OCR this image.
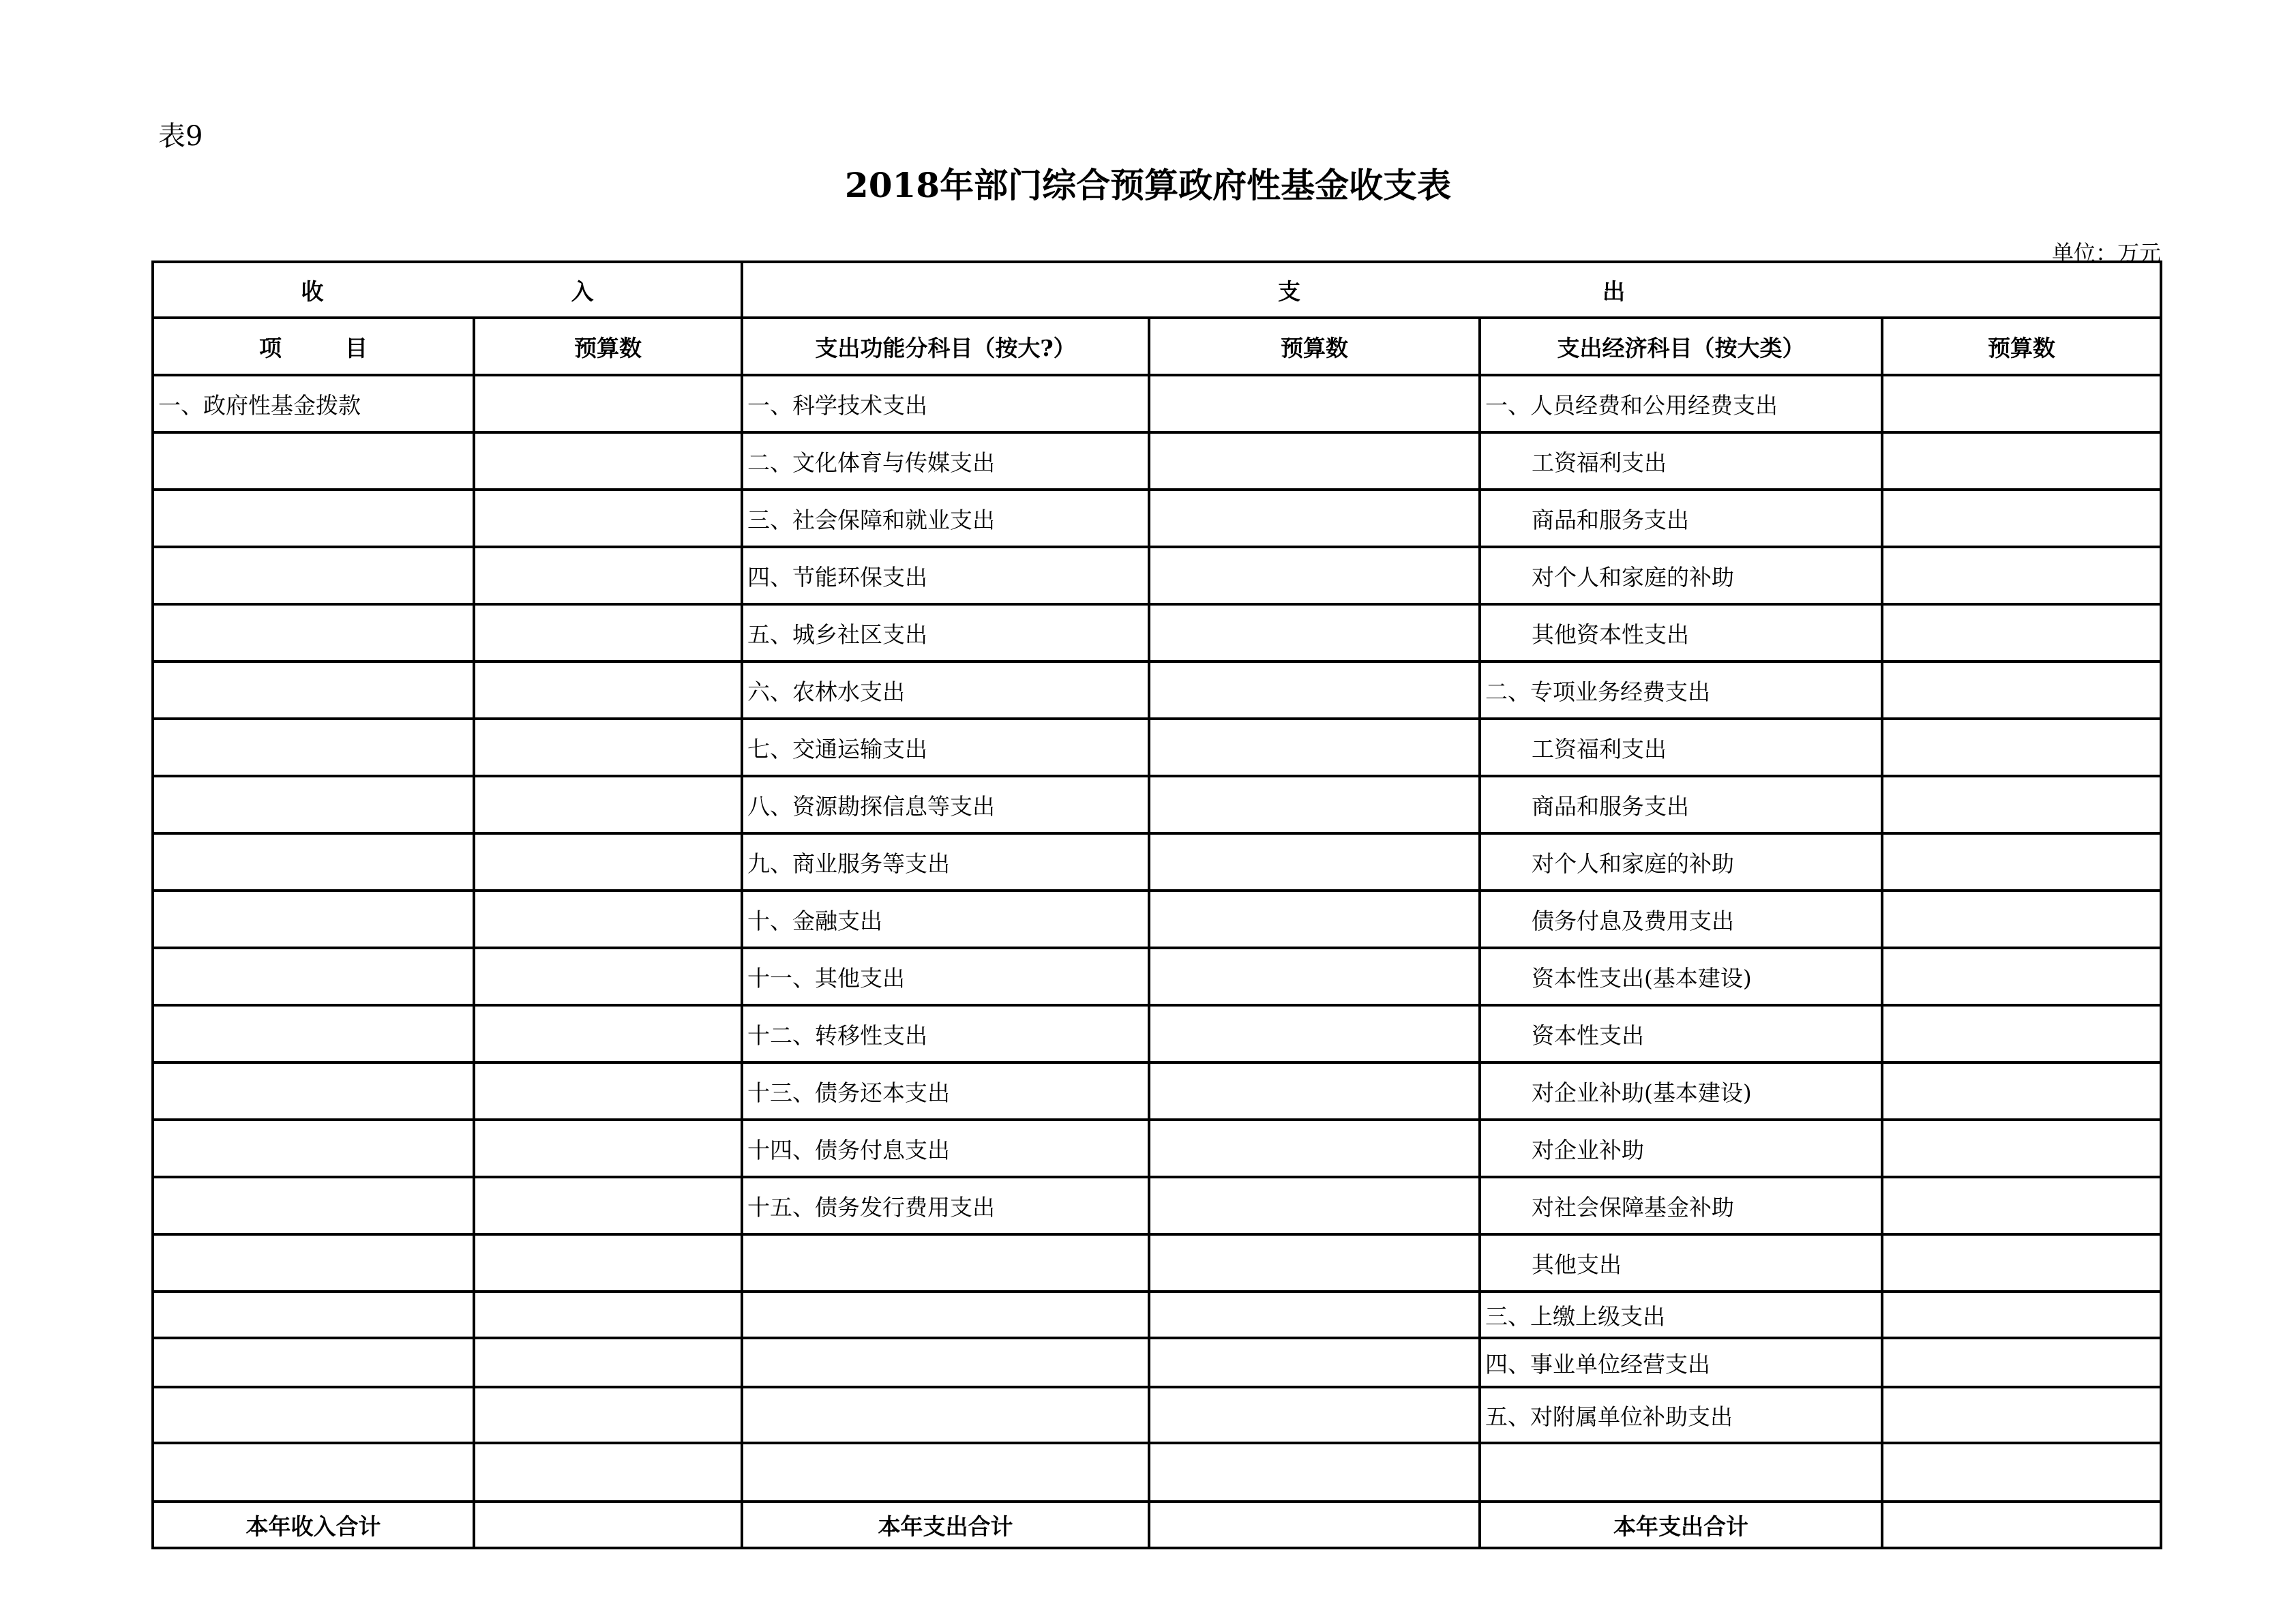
表9
2018年部门综合预算政府性基金收支表
单位：万元
收 入		支 出			
项 目	预算数	支出功能分科目（按大?）	预算数	支出经济科目（按大类）	预算数
一、政府性基金拨款		一、科学技术支出		一、人员经费和公用经费支出	
		二、文化体育与传媒支出		工资福利支出	
		三、社会保障和就业支出		商品和服务支出	
		四、节能环保支出		对个人和家庭的补助	
		五、城乡社区支出		其他资本性支出	
		六、农林水支出		二、专项业务经费支出	
		七、交通运输支出		工资福利支出	
		八、资源勘探信息等支出		商品和服务支出	
		九、商业服务等支出		对个人和家庭的补助	
		十、金融支出		债务付息及费用支出	
		十一、其他支出		资本性支出(基本建设)	
		十二、转移性支出		资本性支出	
		十三、债务还本支出		对企业补助(基本建设)	
		十四、债务付息支出		对企业补助	
		十五、债务发行费用支出		对社会保障基金补助	
				其他支出	
				三、上缴上级支出	
				四、事业单位经营支出	
				五、对附属单位补助支出	

本年收入合计		本年支出合计		本年支出合计	
